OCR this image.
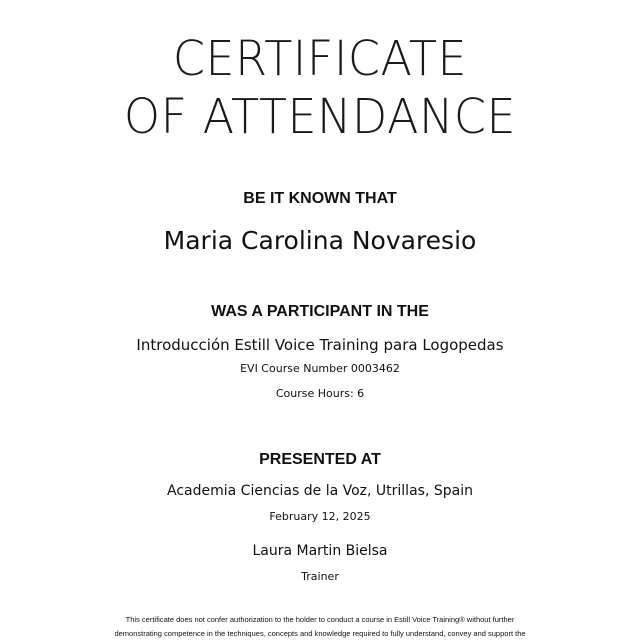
CERTIFICATE
OF ATTENDANCE
BE IT KNOWN THAT
Maria Carolina Novaresio
WAS A PARTICIPANT IN THE
Introducción Estill Voice Training para Logopedas
EVI Course Number 0003462
Course Hours: 6
PRESENTED AT
Academia Ciencias de la Voz, Utrillas, Spain
February 12, 2025
Laura Martin Bielsa
Trainer
This certificate does not confer authorization to the holder to conduct a course in Estill Voice Training® without further
demonstrating competence in the techniques, concepts and knowledge required to fully understand, convey and support the
